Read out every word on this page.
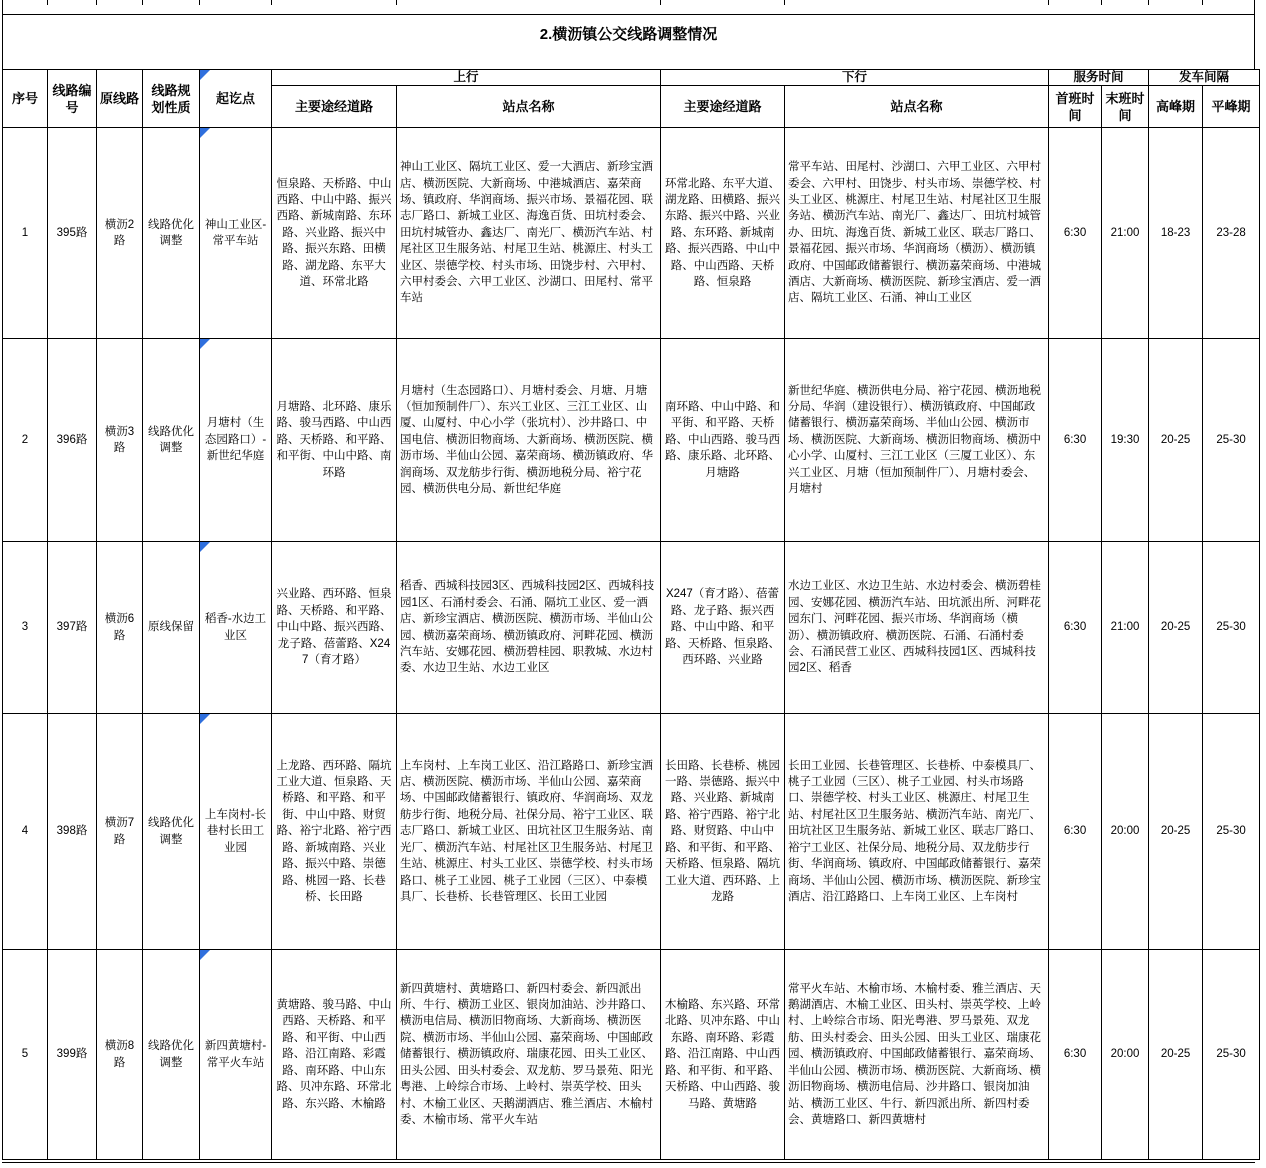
2.横沥镇公交线路调整情况
序号	线路编号	原线路	线路规划性质	起讫点	上行		下行		服务时间		发车间隔	
					主要途经道路	站点名称	主要途经道路	站点名称	首班时间	末班时间	高峰期	平峰期
1	395路	横沥2路	线路优化调整	神山工业区-常平车站	恒泉路、天桥路、中山西路、中山中路、振兴西路、新城南路、东环路、兴业路、振兴中路、振兴东路、田横路、湖龙路、东平大道、环常北路	神山工业区、隔坑工业区、爱一大酒店、新珍宝酒店、横沥医院、大新商场、中港城酒店、嘉荣商场、镇政府、华润商场、振兴市场、景福花园、联志厂路口、新城工业区、海逸百货、田坑村委会、田坑村城管办、鑫达厂、南光厂、横沥汽车站、村尾社区卫生服务站、村尾卫生站、桃源庄、村头工业区、崇德学校、村头市场、田饶步村、六甲村、六甲村委会、六甲工业区、沙湖口、田尾村、常平车站	环常北路、东平大道、湖龙路、田横路、振兴东路、振兴中路、兴业路、东环路、新城南路、振兴西路、中山中路、中山西路、天桥路、恒泉路	常平车站、田尾村、沙湖口、六甲工业区、六甲村委会、六甲村、田饶步、村头市场、崇德学校、村头工业区、桃源庄、村尾卫生站、村尾社区卫生服务站、横沥汽车站、南光厂、鑫达厂、田坑村城管办、田坑、海逸百货、新城工业区、联志厂路口、景福花园、振兴市场、华润商场（横沥）、横沥镇政府、中国邮政储蓄银行、横沥嘉荣商场、中港城酒店、大新商场、横沥医院、新珍宝酒店、爱一酒店、隔坑工业区、石涌、神山工业区	6:30	21:00	18-23	23-28
2	396路	横沥3路	线路优化调整	月塘村（生态园路口）-新世纪华庭	月塘路、北环路、康乐路、骏马西路、中山西路、天桥路、和平路、和平街、中山中路、南环路	月塘村（生态园路口）、月塘村委会、月塘、月塘（恒加预制件厂）、东兴工业区、三江工业区、山厦、山厦村、中心小学（张坑村）、沙井路口、中国电信、横沥旧物商场、大新商场、横沥医院、横沥市场、半仙山公园、嘉荣商场、横沥镇政府、华润商场、双龙舫步行街、横沥地税分局、裕宁花园、横沥供电分局、新世纪华庭	南环路、中山中路、和平街、和平路、天桥路、中山西路、骏马西路、康乐路、北环路、月塘路	新世纪华庭、横沥供电分局、裕宁花园、横沥地税分局、华润（建设银行）、横沥镇政府、中国邮政储蓄银行、横沥嘉荣商场、半仙山公园、横沥市场、横沥医院、大新商场、横沥旧物商场、横沥中心小学、山厦村、三江工业区（三厦工业区）、东兴工业区、月塘（恒加预制件厂）、月塘村委会、月塘村	6:30	19:30	20-25	25-30
3	397路	横沥6路	原线保留	稻香-水边工业区	兴业路、西环路、恒泉路、天桥路、和平路、中山中路、振兴西路、龙子路、蓓蕾路、X247（育才路）	稻香、西城科技园3区、西城科技园2区、西城科技园1区、石涌村委会、石涌、隔坑工业区、爱一酒店、新珍宝酒店、横沥医院、横沥市场、半仙山公园、横沥嘉荣商场、横沥镇政府、河畔花园、横沥汽车站、安娜花园、横沥碧桂园、职教城、水边村委、水边卫生站、水边工业区	X247（育才路）、蓓蕾路、龙子路、振兴西路、中山中路、和平路、天桥路、恒泉路、西环路、兴业路	水边工业区、水边卫生站、水边村委会、横沥碧桂园、安娜花园、横沥汽车站、田坑派出所、河畔花园东门、河畔花园、振兴市场、华润商场（横沥）、横沥镇政府、横沥医院、石涌、石涌村委会、石涌民营工业区、西城科技园1区、西城科技园2区、稻香	6:30	21:00	20-25	25-30
4	398路	横沥7路	线路优化调整	上车岗村-长巷村长田工业园	上龙路、西环路、隔坑工业大道、恒泉路、天桥路、和平路、和平街、中山中路、财贸路、裕宁北路、裕宁西路、新城南路、兴业路、振兴中路、崇德路、桃园一路、长巷桥、长田路	上车岗村、上车岗工业区、沿江路路口、新珍宝酒店、横沥医院、横沥市场、半仙山公园、嘉荣商场、中国邮政储蓄银行、镇政府、华润商场、双龙舫步行街、地税分局、社保分局、裕宁工业区、联志厂路口、新城工业区、田坑社区卫生服务站、南光厂、横沥汽车站、村尾社区卫生服务站、村尾卫生站、桃源庄、村头工业区、崇德学校、村头市场路口、桃子工业园、桃子工业园（三区）、中泰模具厂、长巷桥、长巷管理区、长田工业园	长田路、长巷桥、桃园一路、崇德路、振兴中路、兴业路、新城南路、裕宁西路、裕宁北路、财贸路、中山中路、和平街、和平路、天桥路、恒泉路、隔坑工业大道、西环路、上龙路	长田工业园、长巷管理区、长巷桥、中泰模具厂、桃子工业园（三区）、桃子工业园、村头市场路口、崇德学校、村头工业区、桃源庄、村尾卫生站、村尾社区卫生服务站、横沥汽车站、南光厂、田坑社区卫生服务站、新城工业区、联志厂路口、裕宁工业区、社保分局、地税分局、双龙舫步行街、华润商场、镇政府、中国邮政储蓄银行、嘉荣商场、半仙山公园、横沥市场、横沥医院、新珍宝酒店、沿江路路口、上车岗工业区、上车岗村	6:30	20:00	20-25	25-30
5	399路	横沥8路	线路优化调整	新四黄塘村-常平火车站	黄塘路、骏马路、中山西路、天桥路、和平路、和平街、中山西路、沿江南路、彩霞路、南环路、中山东路、贝冲东路、环常北路、东兴路、木榆路	新四黄塘村、黄塘路口、新四村委会、新四派出所、牛行、横沥工业区、银岗加油站、沙井路口、横沥电信局、横沥旧物商场、大新商场、横沥医院、横沥市场、半仙山公园、嘉荣商场、中国邮政储蓄银行、横沥镇政府、瑞康花园、田头工业区、田头公园、田头村委会、双龙舫、罗马景苑、阳光粤港、上岭综合市场、上岭村、崇英学校、田头村、木榆工业区、天鹅湖酒店、雅兰酒店、木榆村委、木榆市场、常平火车站	木榆路、东兴路、环常北路、贝冲东路、中山东路、南环路、彩霞路、沿江南路、中山西路、和平街、和平路、天桥路、中山西路、骏马路、黄塘路	常平火车站、木榆市场、木榆村委、雅兰酒店、天鹅湖酒店、木榆工业区、田头村、崇英学校、上岭村、上岭综合市场、阳光粤港、罗马景苑、双龙舫、田头村委会、田头公园、田头工业区、瑞康花园、横沥镇政府、中国邮政储蓄银行、嘉荣商场、半仙山公园、横沥市场、横沥医院、大新商场、横沥旧物商场、横沥电信局、沙井路口、银岗加油站、横沥工业区、牛行、新四派出所、新四村委会、黄塘路口、新四黄塘村	6:30	20:00	20-25	25-30
